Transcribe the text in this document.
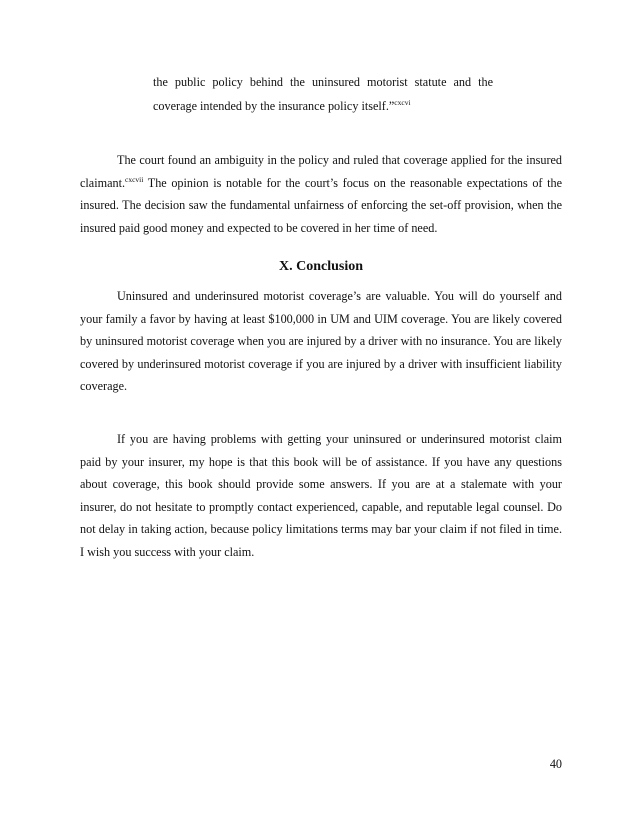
the public policy behind the uninsured motorist statute and the
coverage intended by the insurance policy itself.”$^{cxcvi}$

The court found an ambiguity in the policy and ruled that coverage applied for the insured claimant.$^{cxcvii}$ The opinion is notable for the court’s focus on the reasonable expectations of the insured. The decision saw the fundamental unfairness of enforcing the set-off provision, when the insured paid good money and expected to be covered in her time of need.

X. Conclusion

Uninsured and underinsured motorist coverage’s are valuable. You will do yourself and your family a favor by having at least $100,000 in UM and UIM coverage. You are likely covered by uninsured motorist coverage when you are injured by a driver with no insurance. You are likely covered by underinsured motorist coverage if you are injured by a driver with insufficient liability coverage.

If you are having problems with getting your uninsured or underinsured motorist claim paid by your insurer, my hope is that this book will be of assistance. If you have any questions about coverage, this book should provide some answers. If you are at a stalemate with your insurer, do not hesitate to promptly contact experienced, capable, and reputable legal counsel. Do not delay in taking action, because policy limitations terms may bar your claim if not filed in time. I wish you success with your claim.

40
